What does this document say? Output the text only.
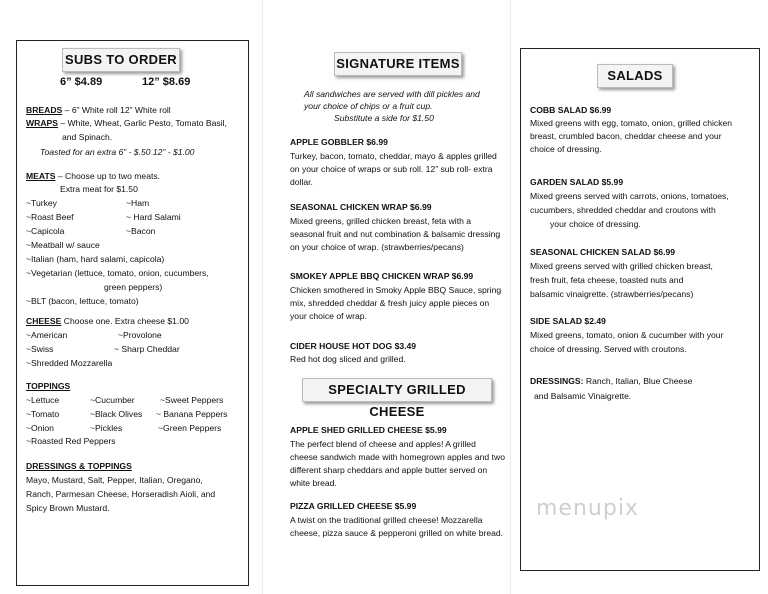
SUBS TO ORDER
6” $4.89	12” $8.69
BREADS – 6” White roll 12” White roll
WRAPS – White, Wheat, Garlic Pesto, Tomato Basil,
and Spinach.
Toasted for an extra 6” - $.50 12” - $1.00
MEATS – Choose up to two meats.
Extra meat for $1.50
~Turkey	~Ham
~Roast Beef	~ Hard Salami
~Capicola	~Bacon
~Meatball w/ sauce
~Italian (ham, hard salami, capicola)
~Vegetarian (lettuce, tomato, onion, cucumbers,
green peppers)
~BLT (bacon, lettuce, tomato)
CHEESE Choose one. Extra cheese $1.00
~American	~Provolone
~Swiss	~ Sharp Cheddar
~Shredded Mozzarella
TOPPINGS
~Lettuce	~Cucumber	~Sweet Peppers
~Tomato	~Black Olives ~ Banana Peppers
~Onion	~Pickles	~Green Peppers
~Roasted Red Peppers
DRESSINGS & TOPPINGS
Mayo, Mustard, Salt, Pepper, Italian, Oregano,
Ranch, Parmesan Cheese, Horseradish Aioli, and
Spicy Brown Mustard.
SIGNATURE ITEMS
All sandwiches are served with dill pickles and
your choice of chips or a fruit cup.
Substitute a side for $1.50
APPLE GOBBLER $6.99
Turkey, bacon, tomato, cheddar, mayo & apples grilled
on your choice of wraps or sub roll. 12” sub roll- extra
dollar.
SEASONAL CHICKEN WRAP $6.99
Mixed greens, grilled chicken breast, feta with a
seasonal fruit and nut combination & balsamic dressing
on your choice of wrap. (strawberries/pecans)
SMOKEY APPLE BBQ CHICKEN WRAP $6.99
Chicken smothered in Smoky Apple BBQ Sauce, spring
mix, shredded cheddar & fresh juicy apple pieces on
your choice of wrap.
CIDER HOUSE HOT DOG $3.49
Red hot dog sliced and grilled.
SPECIALTY GRILLED CHEESE
APPLE SHED GRILLED CHEESE $5.99
The perfect blend of cheese and apples! A grilled
cheese sandwich made with homegrown apples and two
different sharp cheddars and apple butter served on
white bread.
PIZZA GRILLED CHEESE $5.99
A twist on the traditional grilled cheese! Mozzarella
cheese, pizza sauce & pepperoni grilled on white bread.
SALADS
COBB SALAD $6.99
Mixed greens with egg, tomato, onion, grilled chicken
breast, crumbled bacon, cheddar cheese and your
choice of dressing.
GARDEN SALAD $5.99
Mixed greens served with carrots, onions, tomatoes,
cucumbers, shredded cheddar and croutons with
your choice of dressing.
SEASONAL CHICKEN SALAD $6.99
Mixed greens served with grilled chicken breast,
fresh fruit, feta cheese, toasted nuts and
balsamic vinaigrette. (strawberries/pecans)
SIDE SALAD $2.49
Mixed greens, tomato, onion & cucumber with your
choice of dressing. Served with croutons.
DRESSINGS: Ranch, Italian, Blue Cheese
and Balsamic Vinaigrette.
menupix
